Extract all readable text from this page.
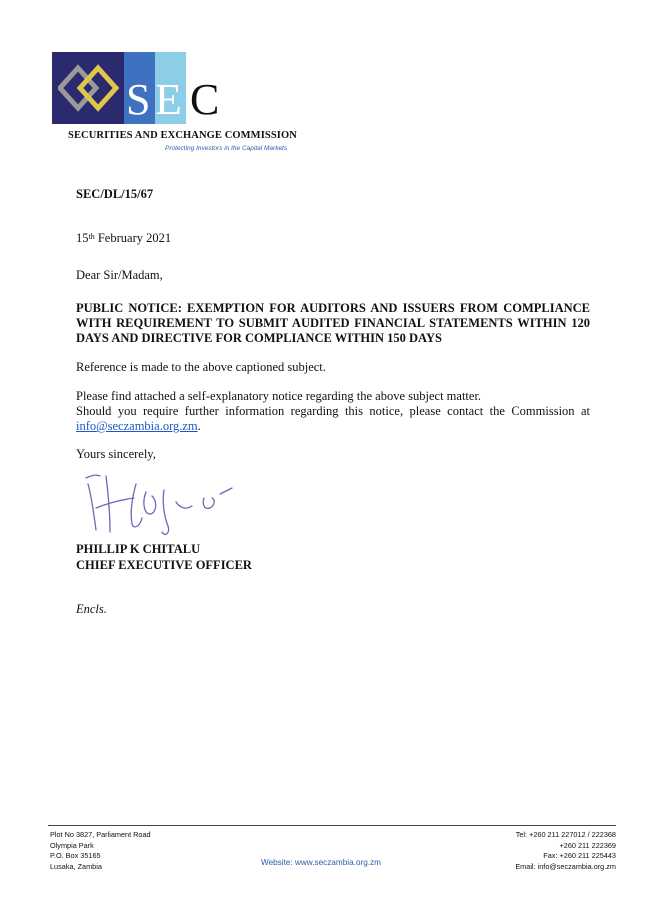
S E C
SECURITIES AND EXCHANGE COMMISSION
Protecting Investors in the Capital Markets
SEC/DL/15/67
15th February 2021
Dear Sir/Madam,
PUBLIC NOTICE: EXEMPTION FOR AUDITORS AND ISSUERS FROM COMPLIANCE WITH REQUIREMENT TO SUBMIT AUDITED FINANCIAL STATEMENTS WITHIN 120 DAYS AND DIRECTIVE FOR COMPLIANCE WITHIN 150 DAYS
Reference is made to the above captioned subject.
Please find attached a self-explanatory notice regarding the above subject matter.
Should you require further information regarding this notice, please contact the Commission at info@seczambia.org.zm.
Yours sincerely,
PHILLIP K CHITALU
CHIEF EXECUTIVE OFFICER
Encls.
Plot No 3827, Parliament Road
Olympia Park
P.O. Box 35165
Lusaka, Zambia	Website: www.seczambia.org.zm
Tel: +260 211 227012 / 222368
+260 211 222369
Fax: +260 211 225443
Email: info@seczambia.org.zm
